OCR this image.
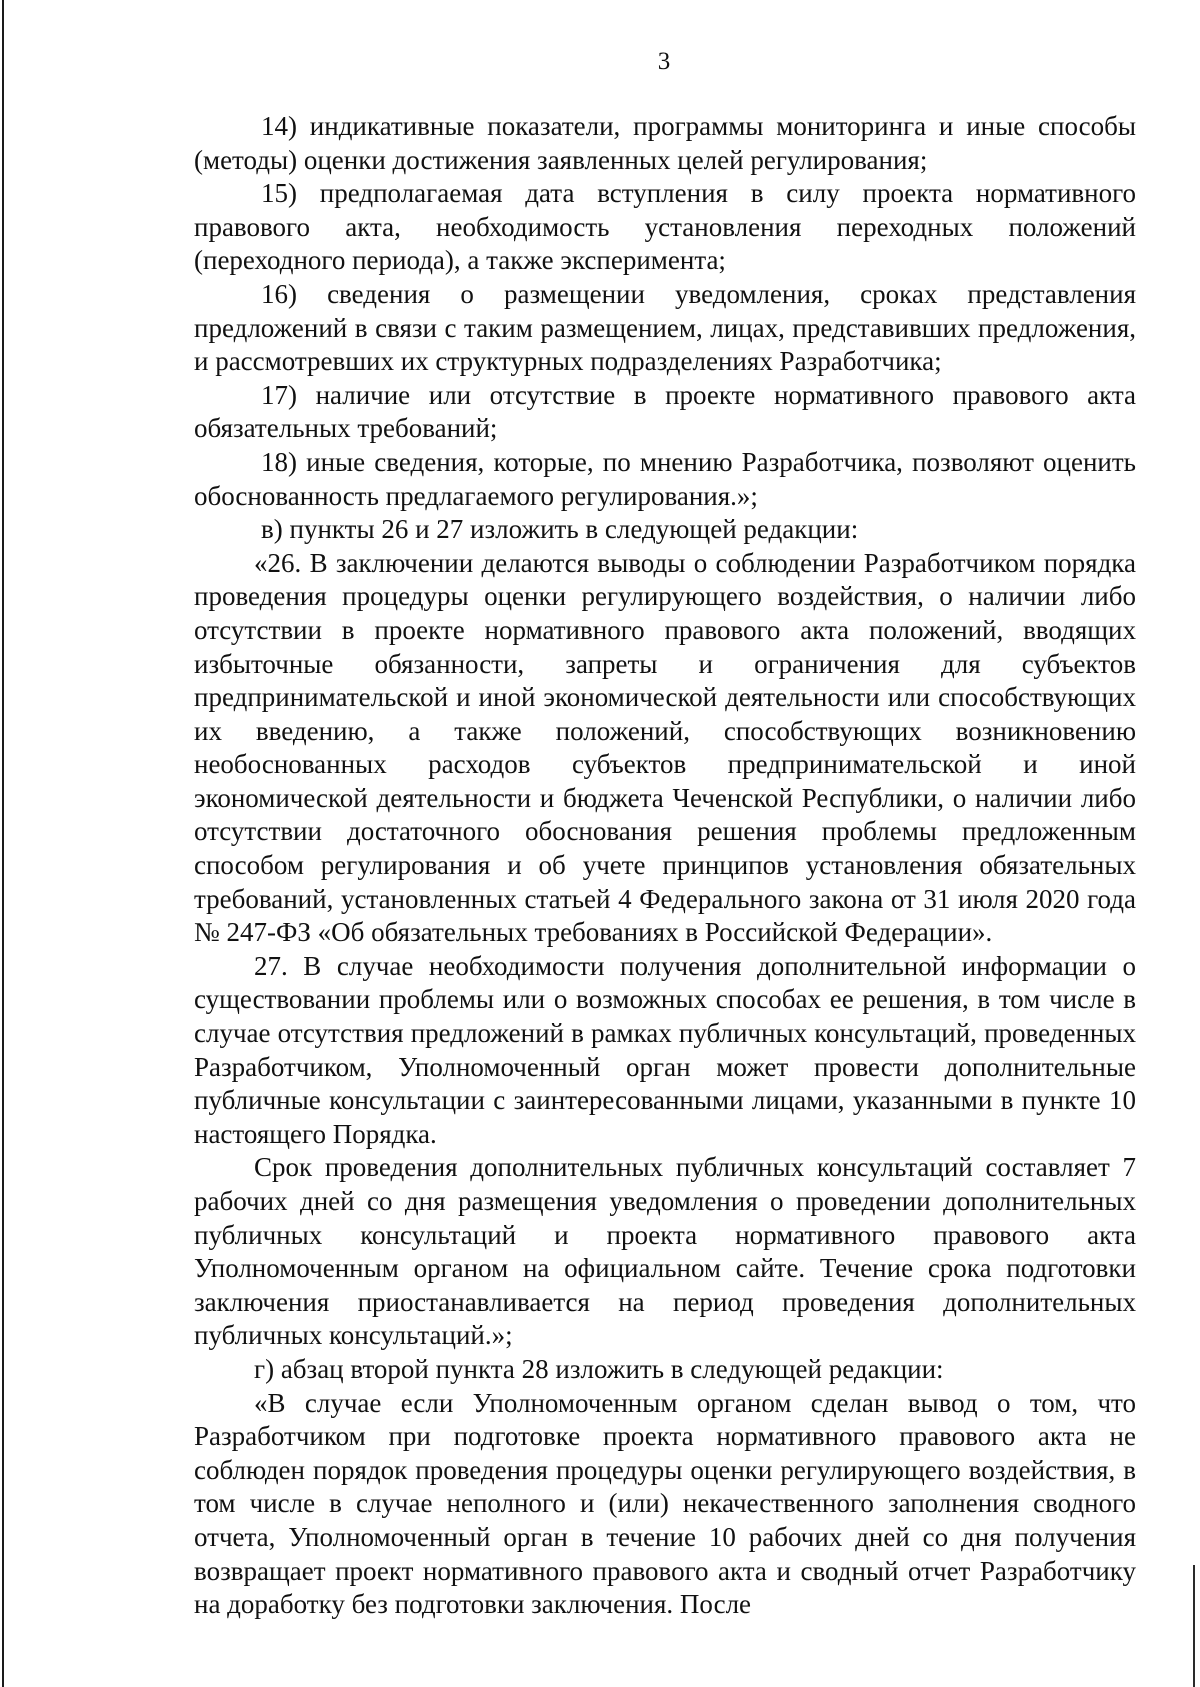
3

14) индикативные показатели, программы мониторинга и иные способы (методы) оценки достижения заявленных целей регулирования;

15) предполагаемая дата вступления в силу проекта нормативного правового акта, необходимость установления переходных положений (переходного периода), а также эксперимента;

16) сведения о размещении уведомления, сроках представления предложений в связи с таким размещением, лицах, представивших предложения, и рассмотревших их структурных подразделениях Разработчика;

17) наличие или отсутствие в проекте нормативного правового акта обязательных требований;

18) иные сведения, которые, по мнению Разработчика, позволяют оценить обоснованность предлагаемого регулирования.»;

в) пункты 26 и 27 изложить в следующей редакции:

«26. В заключении делаются выводы о соблюдении Разработчиком порядка проведения процедуры оценки регулирующего воздействия, о наличии либо отсутствии в проекте нормативного правового акта положений, вводящих избыточные обязанности, запреты и ограничения для субъектов предпринимательской и иной экономической деятельности или способствующих их введению, а также положений, способствующих возникновению необоснованных расходов субъектов предпринимательской и иной экономической деятельности и бюджета Чеченской Республики, о наличии либо отсутствии достаточного обоснования решения проблемы предложенным способом регулирования и об учете принципов установления обязательных требований, установленных статьей 4 Федерального закона от 31 июля 2020 года № 247-ФЗ «Об обязательных требованиях в Российской Федерации».

27. В случае необходимости получения дополнительной информации о существовании проблемы или о возможных способах ее решения, в том числе в случае отсутствия предложений в рамках публичных консультаций, проведенных Разработчиком, Уполномоченный орган может провести дополнительные публичные консультации с заинтересованными лицами, указанными в пункте 10 настоящего Порядка.

Срок проведения дополнительных публичных консультаций составляет 7 рабочих дней со дня размещения уведомления о проведении дополнительных публичных консультаций и проекта нормативного правового акта Уполномоченным органом на официальном сайте. Течение срока подготовки заключения приостанавливается на период проведения дополнительных публичных консультаций.»;

г) абзац второй пункта 28 изложить в следующей редакции:

«В случае если Уполномоченным органом сделан вывод о том, что Разработчиком при подготовке проекта нормативного правового акта не соблюден порядок проведения процедуры оценки регулирующего воздействия, в том числе в случае неполного и (или) некачественного заполнения сводного отчета, Уполномоченный орган в течение 10 рабочих дней со дня получения возвращает проект нормативного правового акта и сводный отчет Разработчику на доработку без подготовки заключения. После
